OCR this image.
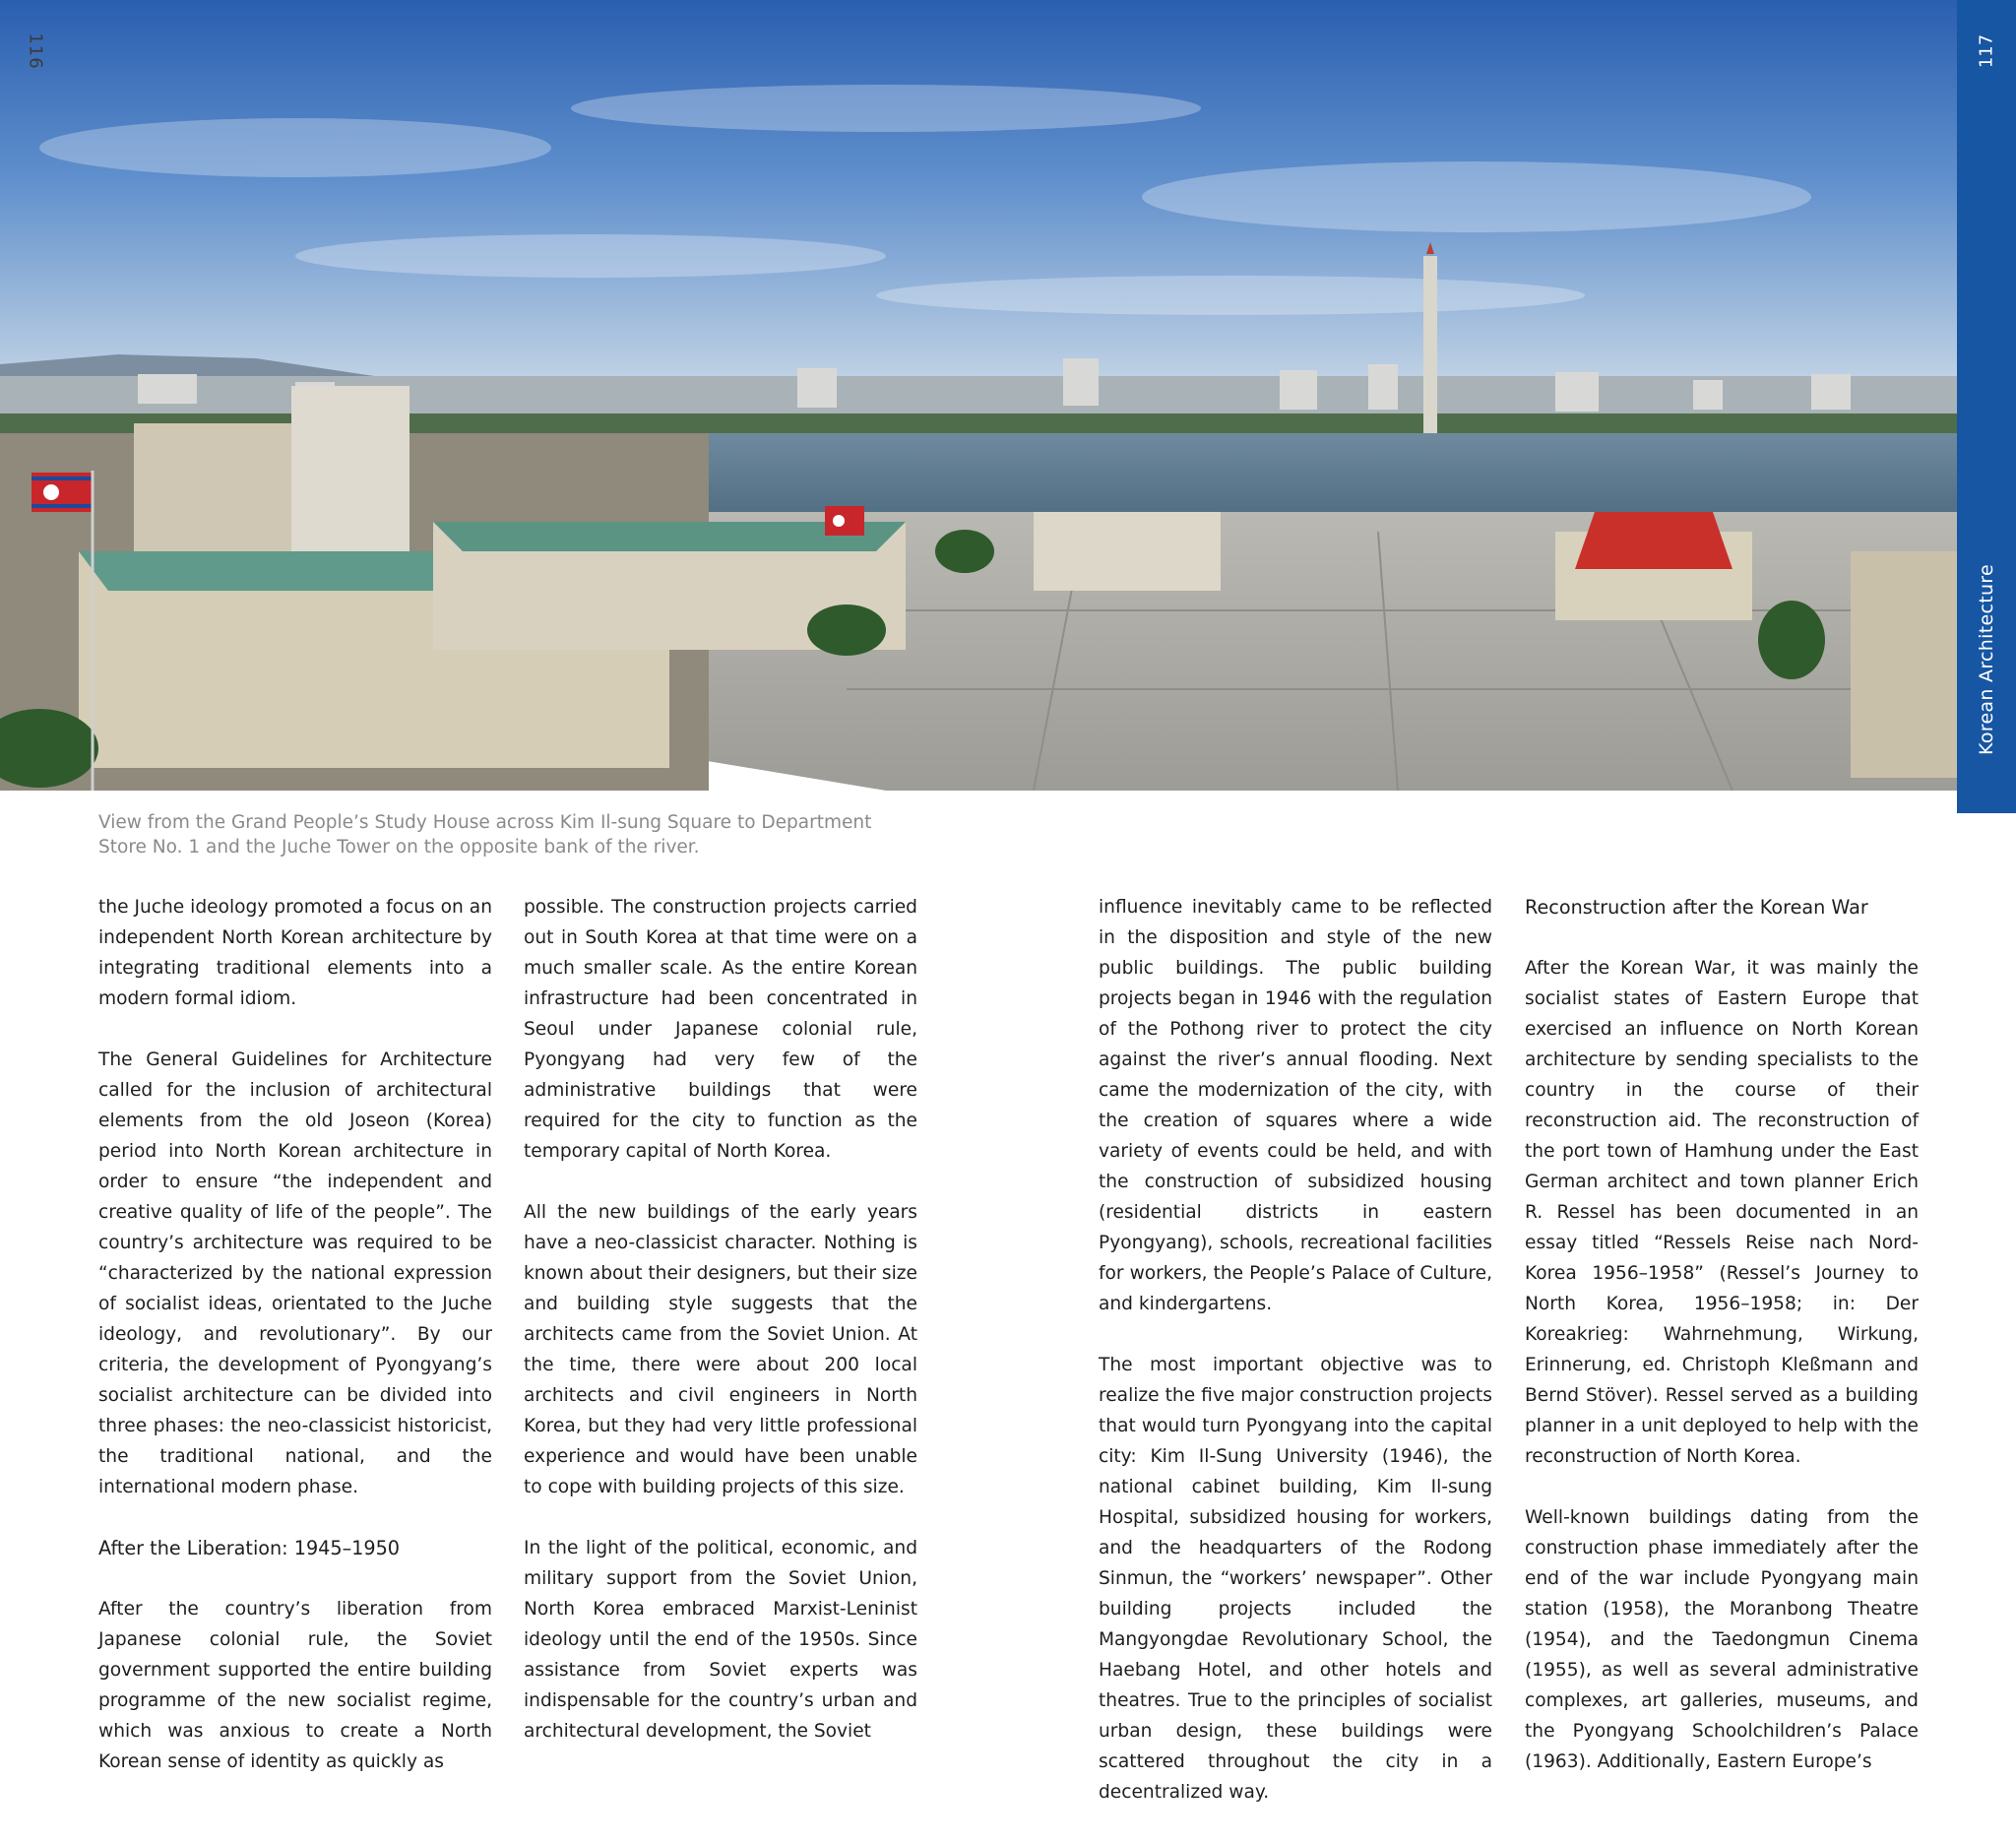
116	117
Korean Architecture
View from the Grand People’s Study House across Kim Il-sung Square to Department Store No. 1 and the Juche Tower on the opposite bank of the river.

the Juche ideology promoted a focus on an independent North Korean architecture by integrating traditional elements into a modern formal idiom.

The General Guidelines for Architecture called for the inclusion of architectural elements from the old Joseon (Korea) period into North Korean architecture in order to ensure “the independent and creative quality of life of the people”. The country’s architecture was required to be “characterized by the national expression of socialist ideas, orientated to the Juche ideology, and revolutionary”. By our criteria, the development of Pyongyang’s socialist architecture can be divided into three phases: the neo-classicist historicist, the traditional national, and the international modern phase.

After the Liberation: 1945–1950

After the country’s liberation from Japanese colonial rule, the Soviet government supported the entire building programme of the new socialist regime, which was anxious to create a North Korean sense of identity as quickly as

possible. The construction projects carried out in South Korea at that time were on a much smaller scale. As the entire Korean infrastructure had been concentrated in Seoul under Japanese colonial rule, Pyongyang had very few of the administrative buildings that were required for the city to function as the temporary capital of North Korea.

All the new buildings of the early years have a neo-classicist character. Nothing is known about their designers, but their size and building style suggests that the architects came from the Soviet Union. At the time, there were about 200 local architects and civil engineers in North Korea, but they had very little professional experience and would have been unable to cope with building projects of this size.

In the light of the political, economic, and military support from the Soviet Union, North Korea embraced Marxist-Leninist ideology until the end of the 1950s. Since assistance from Soviet experts was indispensable for the country’s urban and architectural development, the Soviet

influence inevitably came to be reflected in the disposition and style of the new public buildings. The public building projects began in 1946 with the regulation of the Pothong river to protect the city against the river’s annual flooding. Next came the modernization of the city, with the creation of squares where a wide variety of events could be held, and with the construction of subsidized housing (residential districts in eastern Pyongyang), schools, recreational facilities for workers, the People’s Palace of Culture, and kindergartens.

The most important objective was to realize the five major construction projects that would turn Pyongyang into the capital city: Kim Il-Sung University (1946), the national cabinet building, Kim Il-sung Hospital, subsidized housing for workers, and the headquarters of the Rodong Sinmun, the “workers’ newspaper”. Other building projects included the Mangyongdae Revolutionary School, the Haebang Hotel, and other hotels and theatres. True to the principles of socialist urban design, these buildings were scattered throughout the city in a decentralized way.

Reconstruction after the Korean War

After the Korean War, it was mainly the socialist states of Eastern Europe that exercised an influence on North Korean architecture by sending specialists to the country in the course of their reconstruction aid. The reconstruction of the port town of Hamhung under the East German architect and town planner Erich R. Ressel has been documented in an essay titled “Ressels Reise nach Nord-Korea 1956–1958” (Ressel’s Journey to North Korea, 1956–1958; in: Der Koreakrieg: Wahrnehmung, Wirkung, Erinnerung, ed. Christoph Kleßmann and Bernd Stöver). Ressel served as a building planner in a unit deployed to help with the reconstruction of North Korea.

Well-known buildings dating from the construction phase immediately after the end of the war include Pyongyang main station (1958), the Moranbong Theatre (1954), and the Taedongmun Cinema (1955), as well as several administrative complexes, art galleries, museums, and the Pyongyang Schoolchildren’s Palace (1963). Additionally, Eastern Europe’s
